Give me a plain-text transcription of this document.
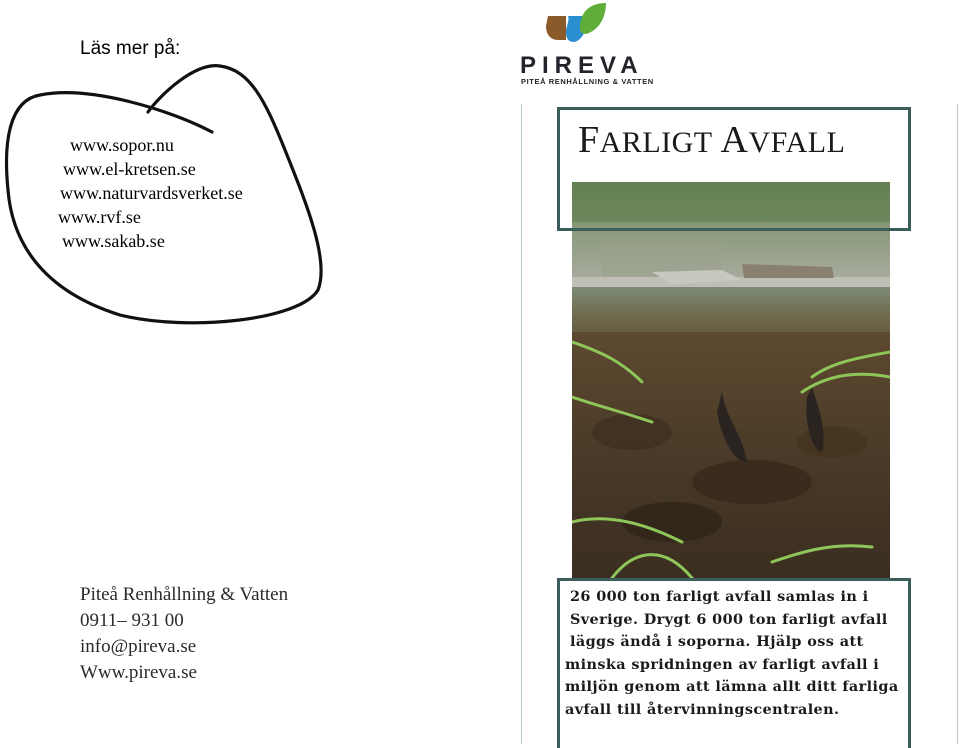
Läs mer på:
www.sopor.nu
www.el-kretsen.se
www.naturvardsverket.se
www.rvf.se
www.sakab.se
Piteå Renhållning & Vatten
0911– 931 00
info@pireva.se
Www.pireva.se
PIREVA
PITEÅ RENHÅLLNING & VATTEN
FARLIGT AVFALL
26 000 ton farligt avfall samlas in i
Sverige. Drygt 6 000 ton farligt avfall
läggs ändå i soporna. Hjälp oss att
minska spridningen av farligt avfall i
miljön genom att lämna allt ditt farliga
avfall till återvinningscentralen.
